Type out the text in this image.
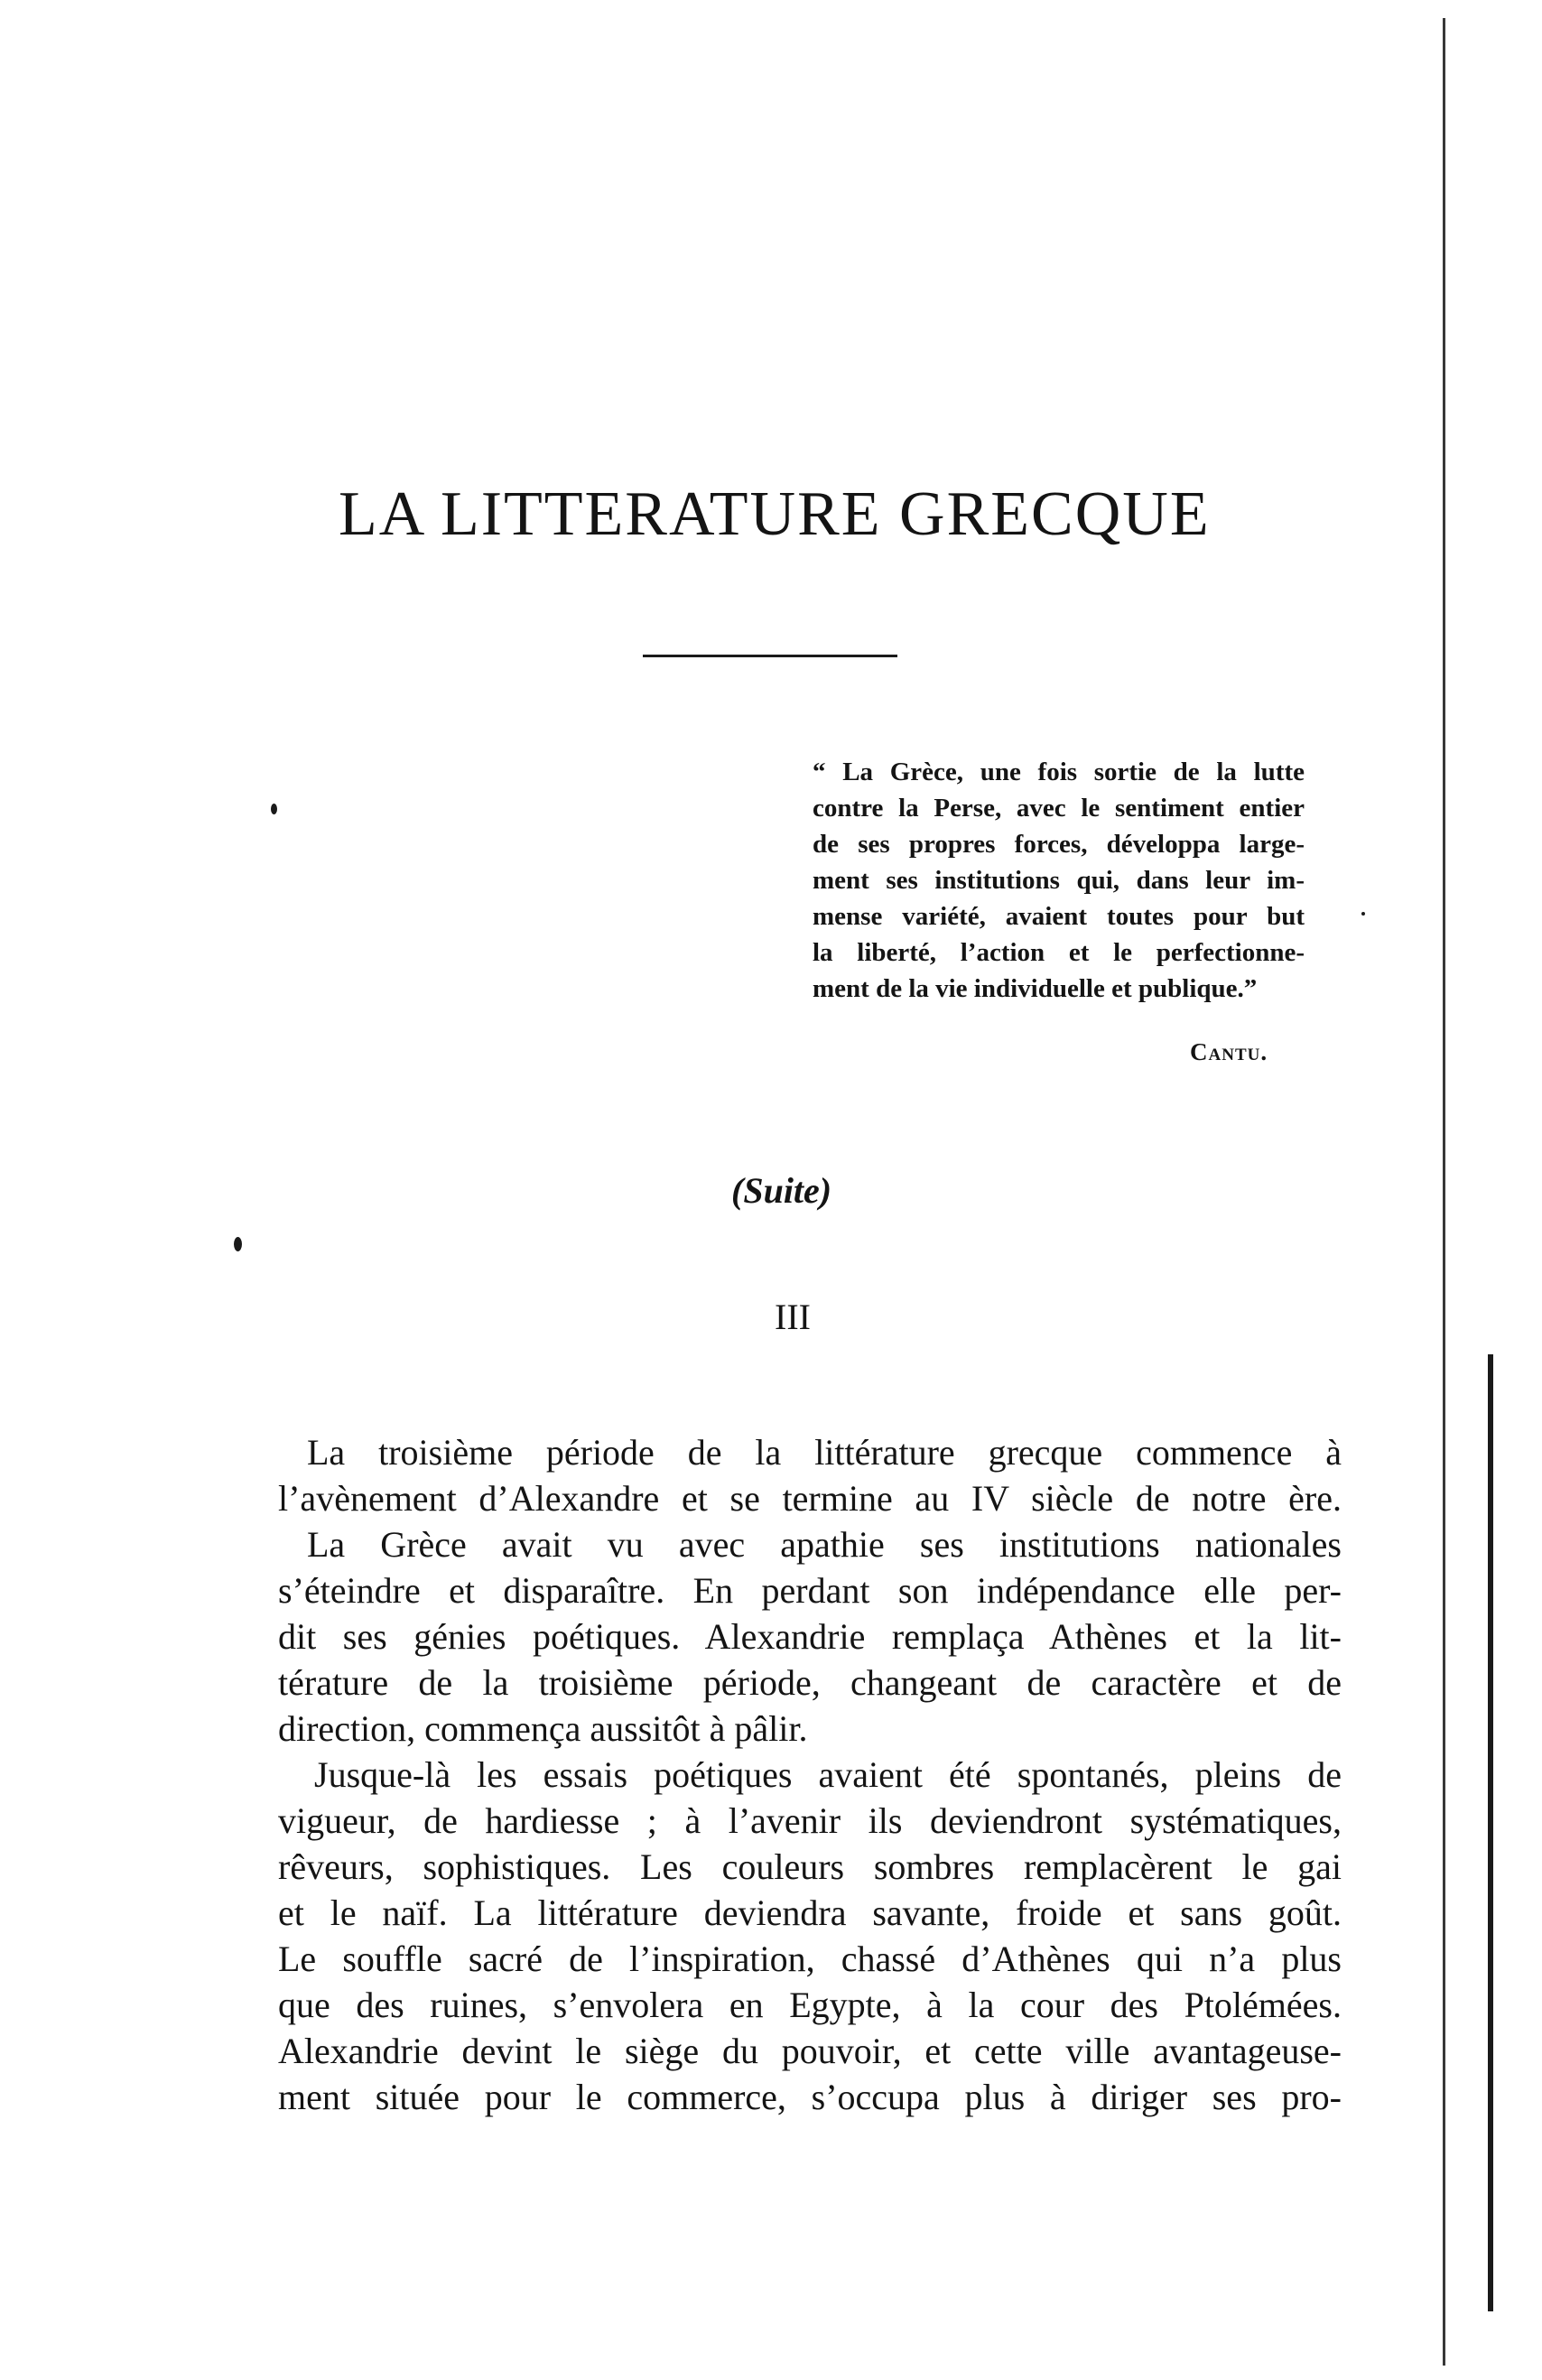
LA LITTERATURE GRECQUE
“ La Grèce, une fois sortie de la lutte
contre la Perse, avec le sentiment entier
de ses propres forces, développa large-
ment ses institutions qui, dans leur im-
mense variété, avaient toutes pour but
la liberté, l’action et le perfectionne-
ment de la vie individuelle et publique.”
Cantu.
(Suite)
III
La troisième période de la littérature grecque commence à
l’avènement d’Alexandre et se termine au IV siècle de notre ère.
La Grèce avait vu avec apathie ses institutions nationales
s’éteindre et disparaître. En perdant son indépendance elle per-
dit ses génies poétiques. Alexandrie remplaça Athènes et la lit-
térature de la troisième période, changeant de caractère et de
direction, commença aussitôt à pâlir.
Jusque-là les essais poétiques avaient été spontanés, pleins de
vigueur, de hardiesse ; à l’avenir ils deviendront systématiques,
rêveurs, sophistiques. Les couleurs sombres remplacèrent le gai
et le naïf. La littérature deviendra savante, froide et sans goût.
Le souffle sacré de l’inspiration, chassé d’Athènes qui n’a plus
que des ruines, s’envolera en Egypte, à la cour des Ptolémées.
Alexandrie devint le siège du pouvoir, et cette ville avantageuse-
ment située pour le commerce, s’occupa plus à diriger ses pro-
